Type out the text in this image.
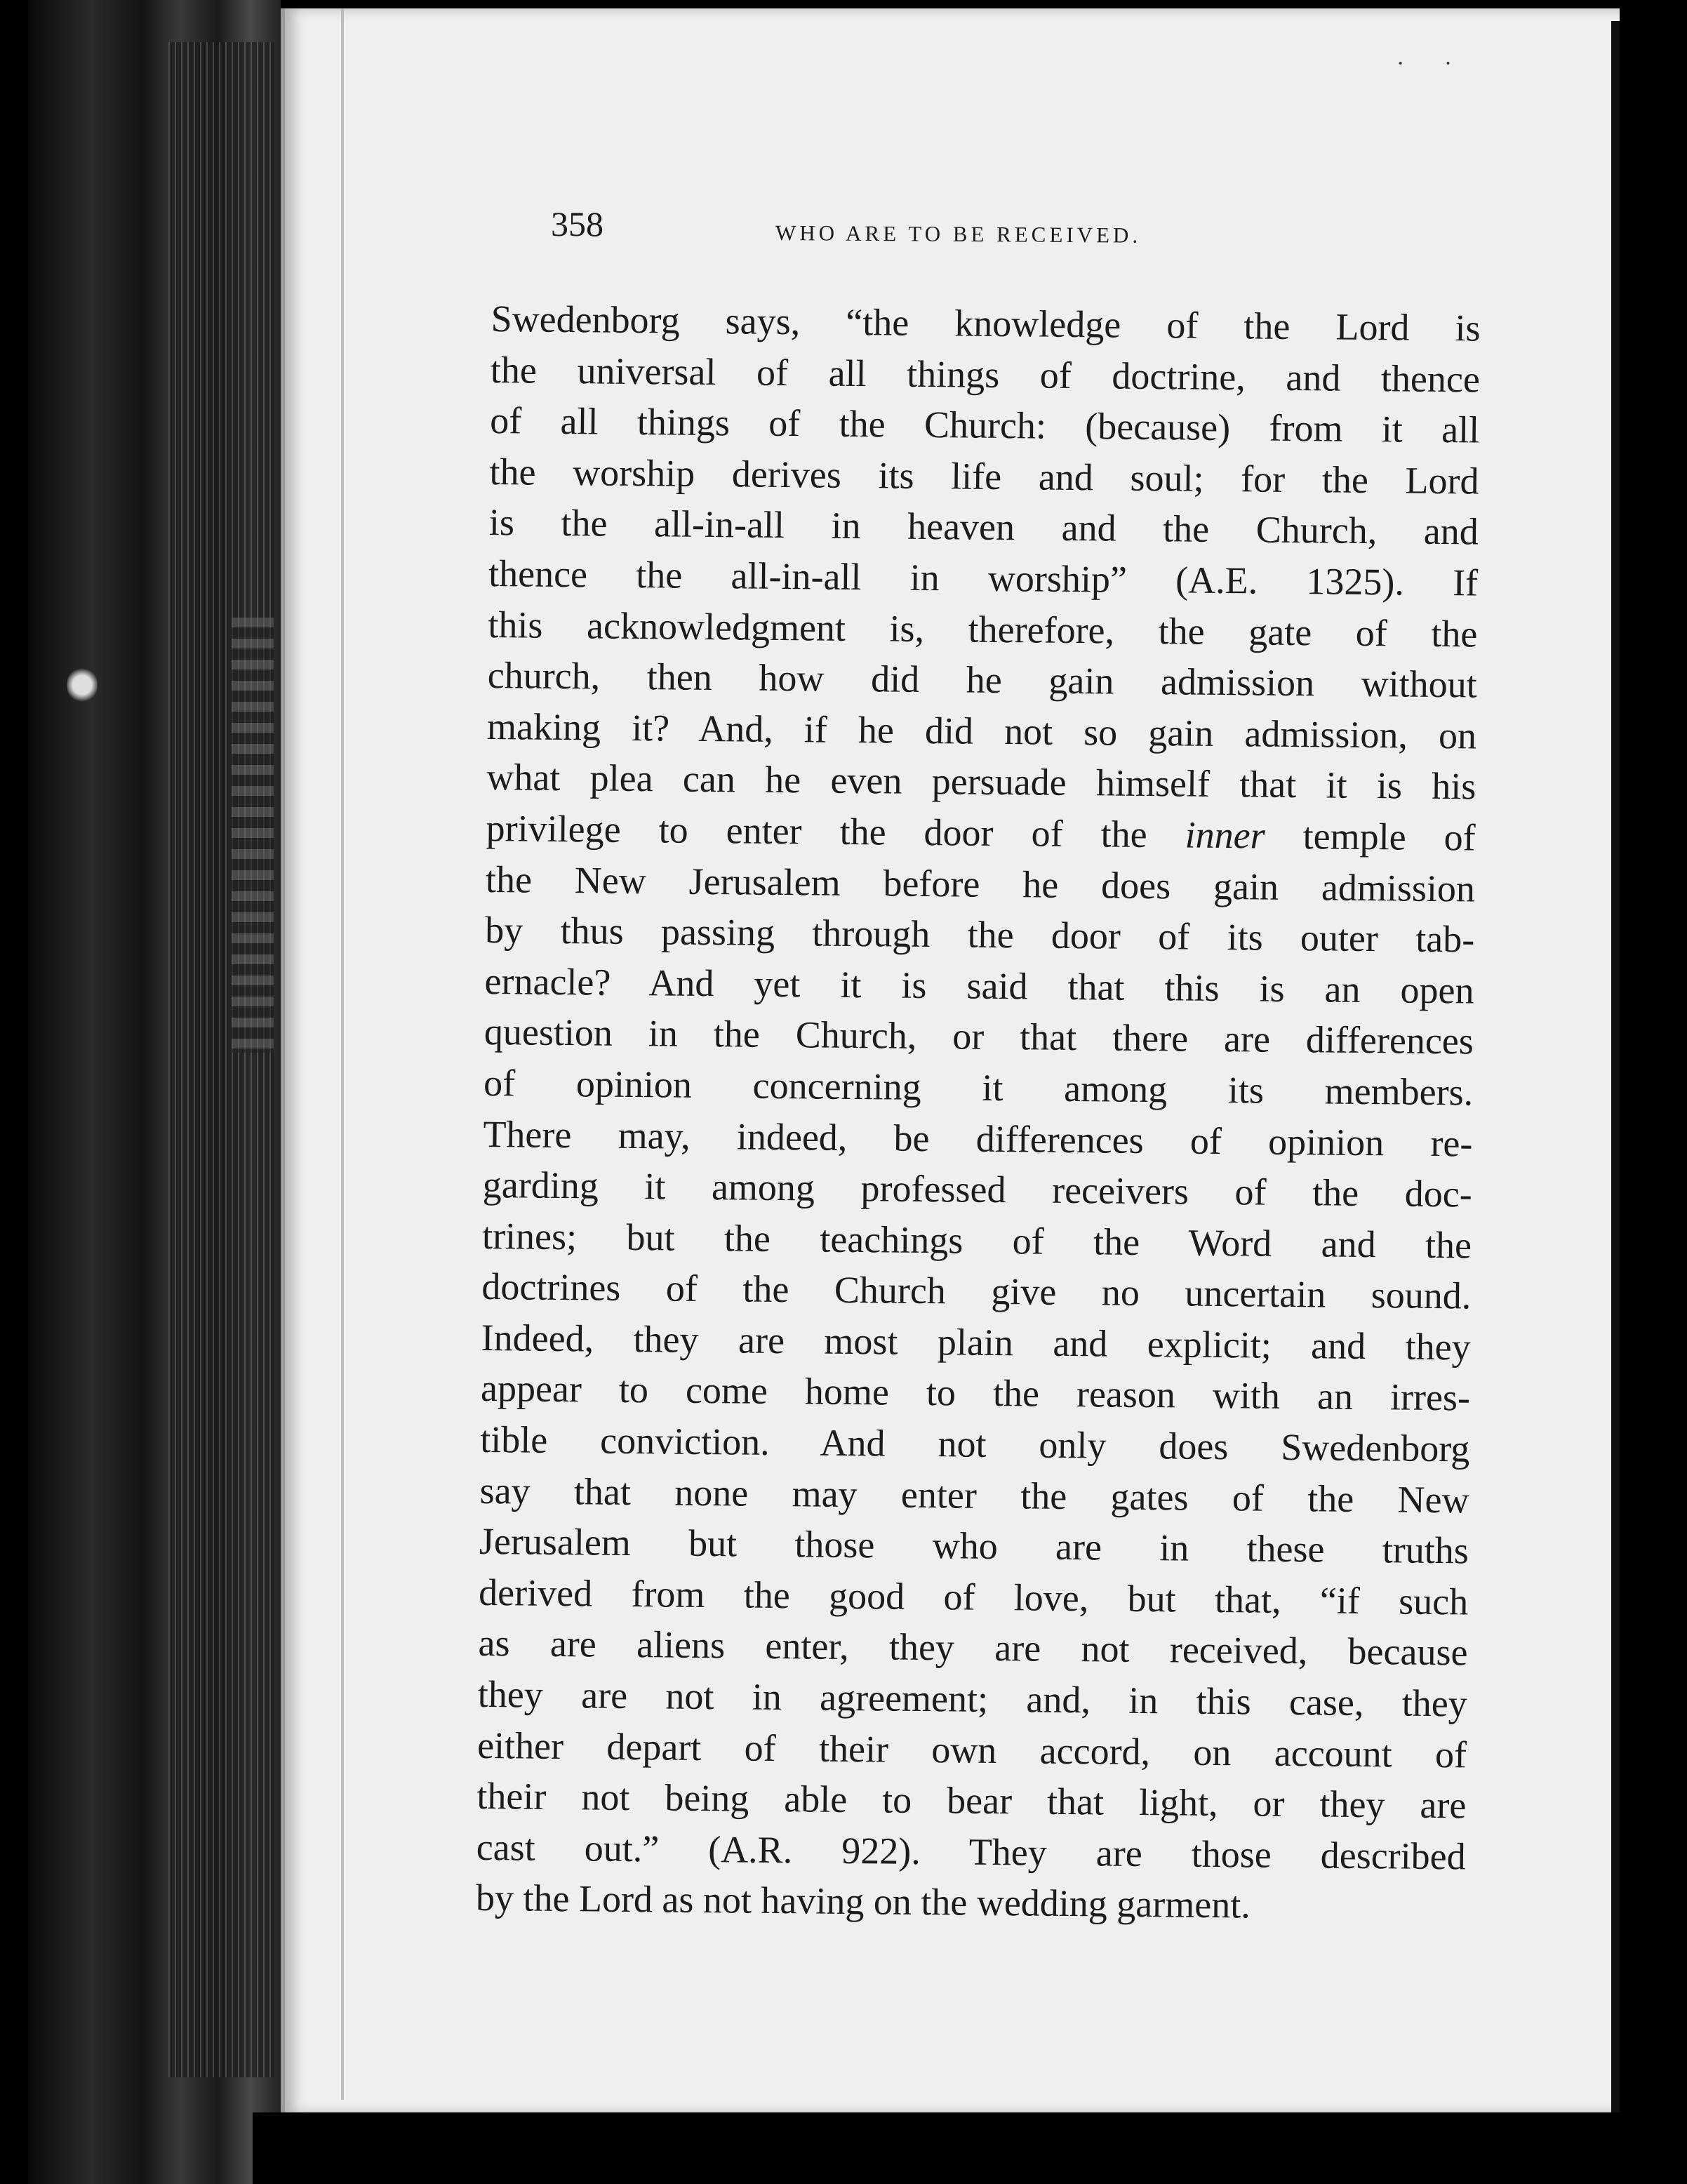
· ·
358	WHO ARE TO BE RECEIVED.
Swedenborg says, “the knowledge of the Lord is
the universal of all things of doctrine, and thence
of all things of the Church: (because) from it all
the worship derives its life and soul; for the Lord
is the all-in-all in heaven and the Church, and
thence the all-in-all in worship” (A.E. 1325). If
this acknowledgment is, therefore, the gate of the
church, then how did he gain admission without
making it? And, if he did not so gain admission, on
what plea can he even persuade himself that it is his
privilege to enter the door of the inner temple of
the New Jerusalem before he does gain admission
by thus passing through the door of its outer tab-
ernacle? And yet it is said that this is an open
question in the Church, or that there are differences
of opinion concerning it among its members.
There may, indeed, be differences of opinion re-
garding it among professed receivers of the doc-
trines; but the teachings of the Word and the
doctrines of the Church give no uncertain sound.
Indeed, they are most plain and explicit; and they
appear to come home to the reason with an irres-
tible conviction. And not only does Swedenborg
say that none may enter the gates of the New
Jerusalem but those who are in these truths
derived from the good of love, but that, “if such
as are aliens enter, they are not received, because
they are not in agreement; and, in this case, they
either depart of their own accord, on account of
their not being able to bear that light, or they are
cast out.” (A.R. 922). They are those described
by the Lord as not having on the wedding garment.
